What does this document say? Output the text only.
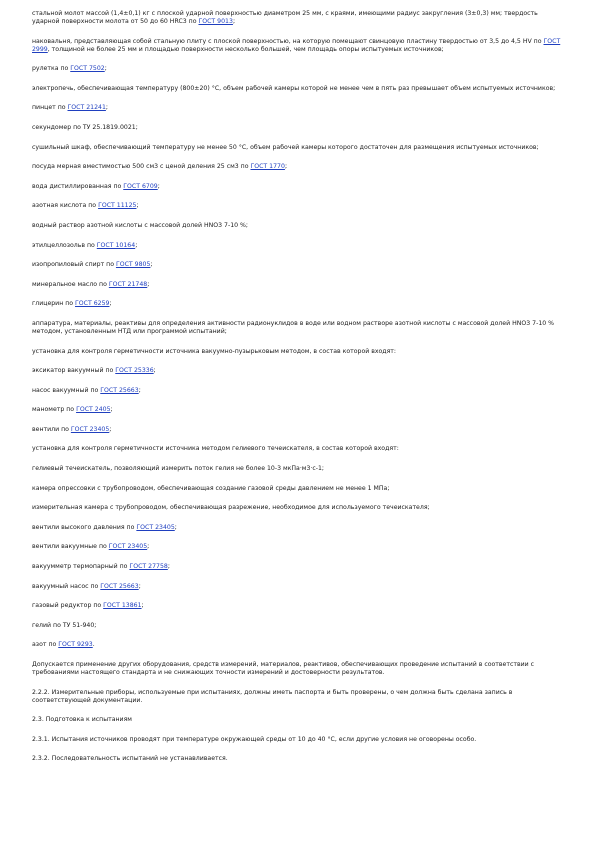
стальной молот массой (1,4±0,1) кг с плоской ударной поверхностью диаметром 25 мм, с краями, имеющими радиус закругления (3±0,3) мм; твердость ударной поверхности молота от 50 до 60 HRC3 по ГОСТ 9013;

наковальня, представляющая собой стальную плиту с плоской поверхностью, на которую помещают свинцовую пластину твердостью от 3,5 до 4,5 HV по ГОСТ 2999, толщиной не более 25 мм и площадью поверхности несколько большей, чем площадь опоры испытуемых источников;

рулетка по ГОСТ 7502;

электропечь, обеспечивающая температуру (800±20) °С, объем рабочей камеры которой не менее чем в пять раз превышает объем испытуемых источников;

пинцет по ГОСТ 21241;

секундомер по ТУ 25.1819.0021;

сушильный шкаф, обеспечивающий температуру не менее 50 °С, объем рабочей камеры которого достаточен для размещения испытуемых источников;

посуда мерная вместимостью 500 см3 с ценой деления 25 см3 по ГОСТ 1770;

вода дистиллированная по ГОСТ 6709;

азотная кислота по ГОСТ 11125;

водный раствор азотной кислоты с массовой долей HNO3 7-10 %;

этилцеллозольв по ГОСТ 10164;

изопропиловый спирт по ГОСТ 9805;

минеральное масло по ГОСТ 21748;

глицерин по ГОСТ 6259;

аппаратура, материалы, реактивы для определения активности радионуклидов в воде или водном растворе азотной кислоты с массовой долей HNO3 7-10 % методом, установленным НТД или программой испытаний;

установка для контроля герметичности источника вакуумно-пузырьковым методом, в состав которой входят:

эксикатор вакуумный по ГОСТ 25336;

насос вакуумный по ГОСТ 25663;

манометр по ГОСТ 2405;

вентили по ГОСТ 23405;

установка для контроля герметичности источника методом гелиевого течеискателя, в состав которой входят:

гелиевый течеискатель, позволяющий измерить поток гелия не более 10-3 мкПа·м3·с-1;

камера опрессовки с трубопроводом, обеспечивающая создание газовой среды давлением не менее 1 МПа;

измерительная камера с трубопроводом, обеспечивающая разрежение, необходимое для используемого течеискателя;

вентили высокого давления по ГОСТ 23405;

вентили вакуумные по ГОСТ 23405;

вакуумметр термопарный по ГОСТ 27758;

вакуумный насос по ГОСТ 25663;

газовый редуктор по ГОСТ 13861;

гелий по ТУ 51-940;

азот по ГОСТ 9293.

Допускается применение других оборудования, средств измерений, материалов, реактивов, обеспечивающих проведение испытаний в соответствии с требованиями настоящего стандарта и не снижающих точности измерений и достоверности результатов.

2.2.2. Измерительные приборы, используемые при испытаниях, должны иметь паспорта и быть проверены, о чем должна быть сделана запись в соответствующей документации.

2.3. Подготовка к испытаниям

2.3.1. Испытания источников проводят при температуре окружающей среды от 10 до 40 °С, если другие условия не оговорены особо.

2.3.2. Последовательность испытаний не устанавливается.
